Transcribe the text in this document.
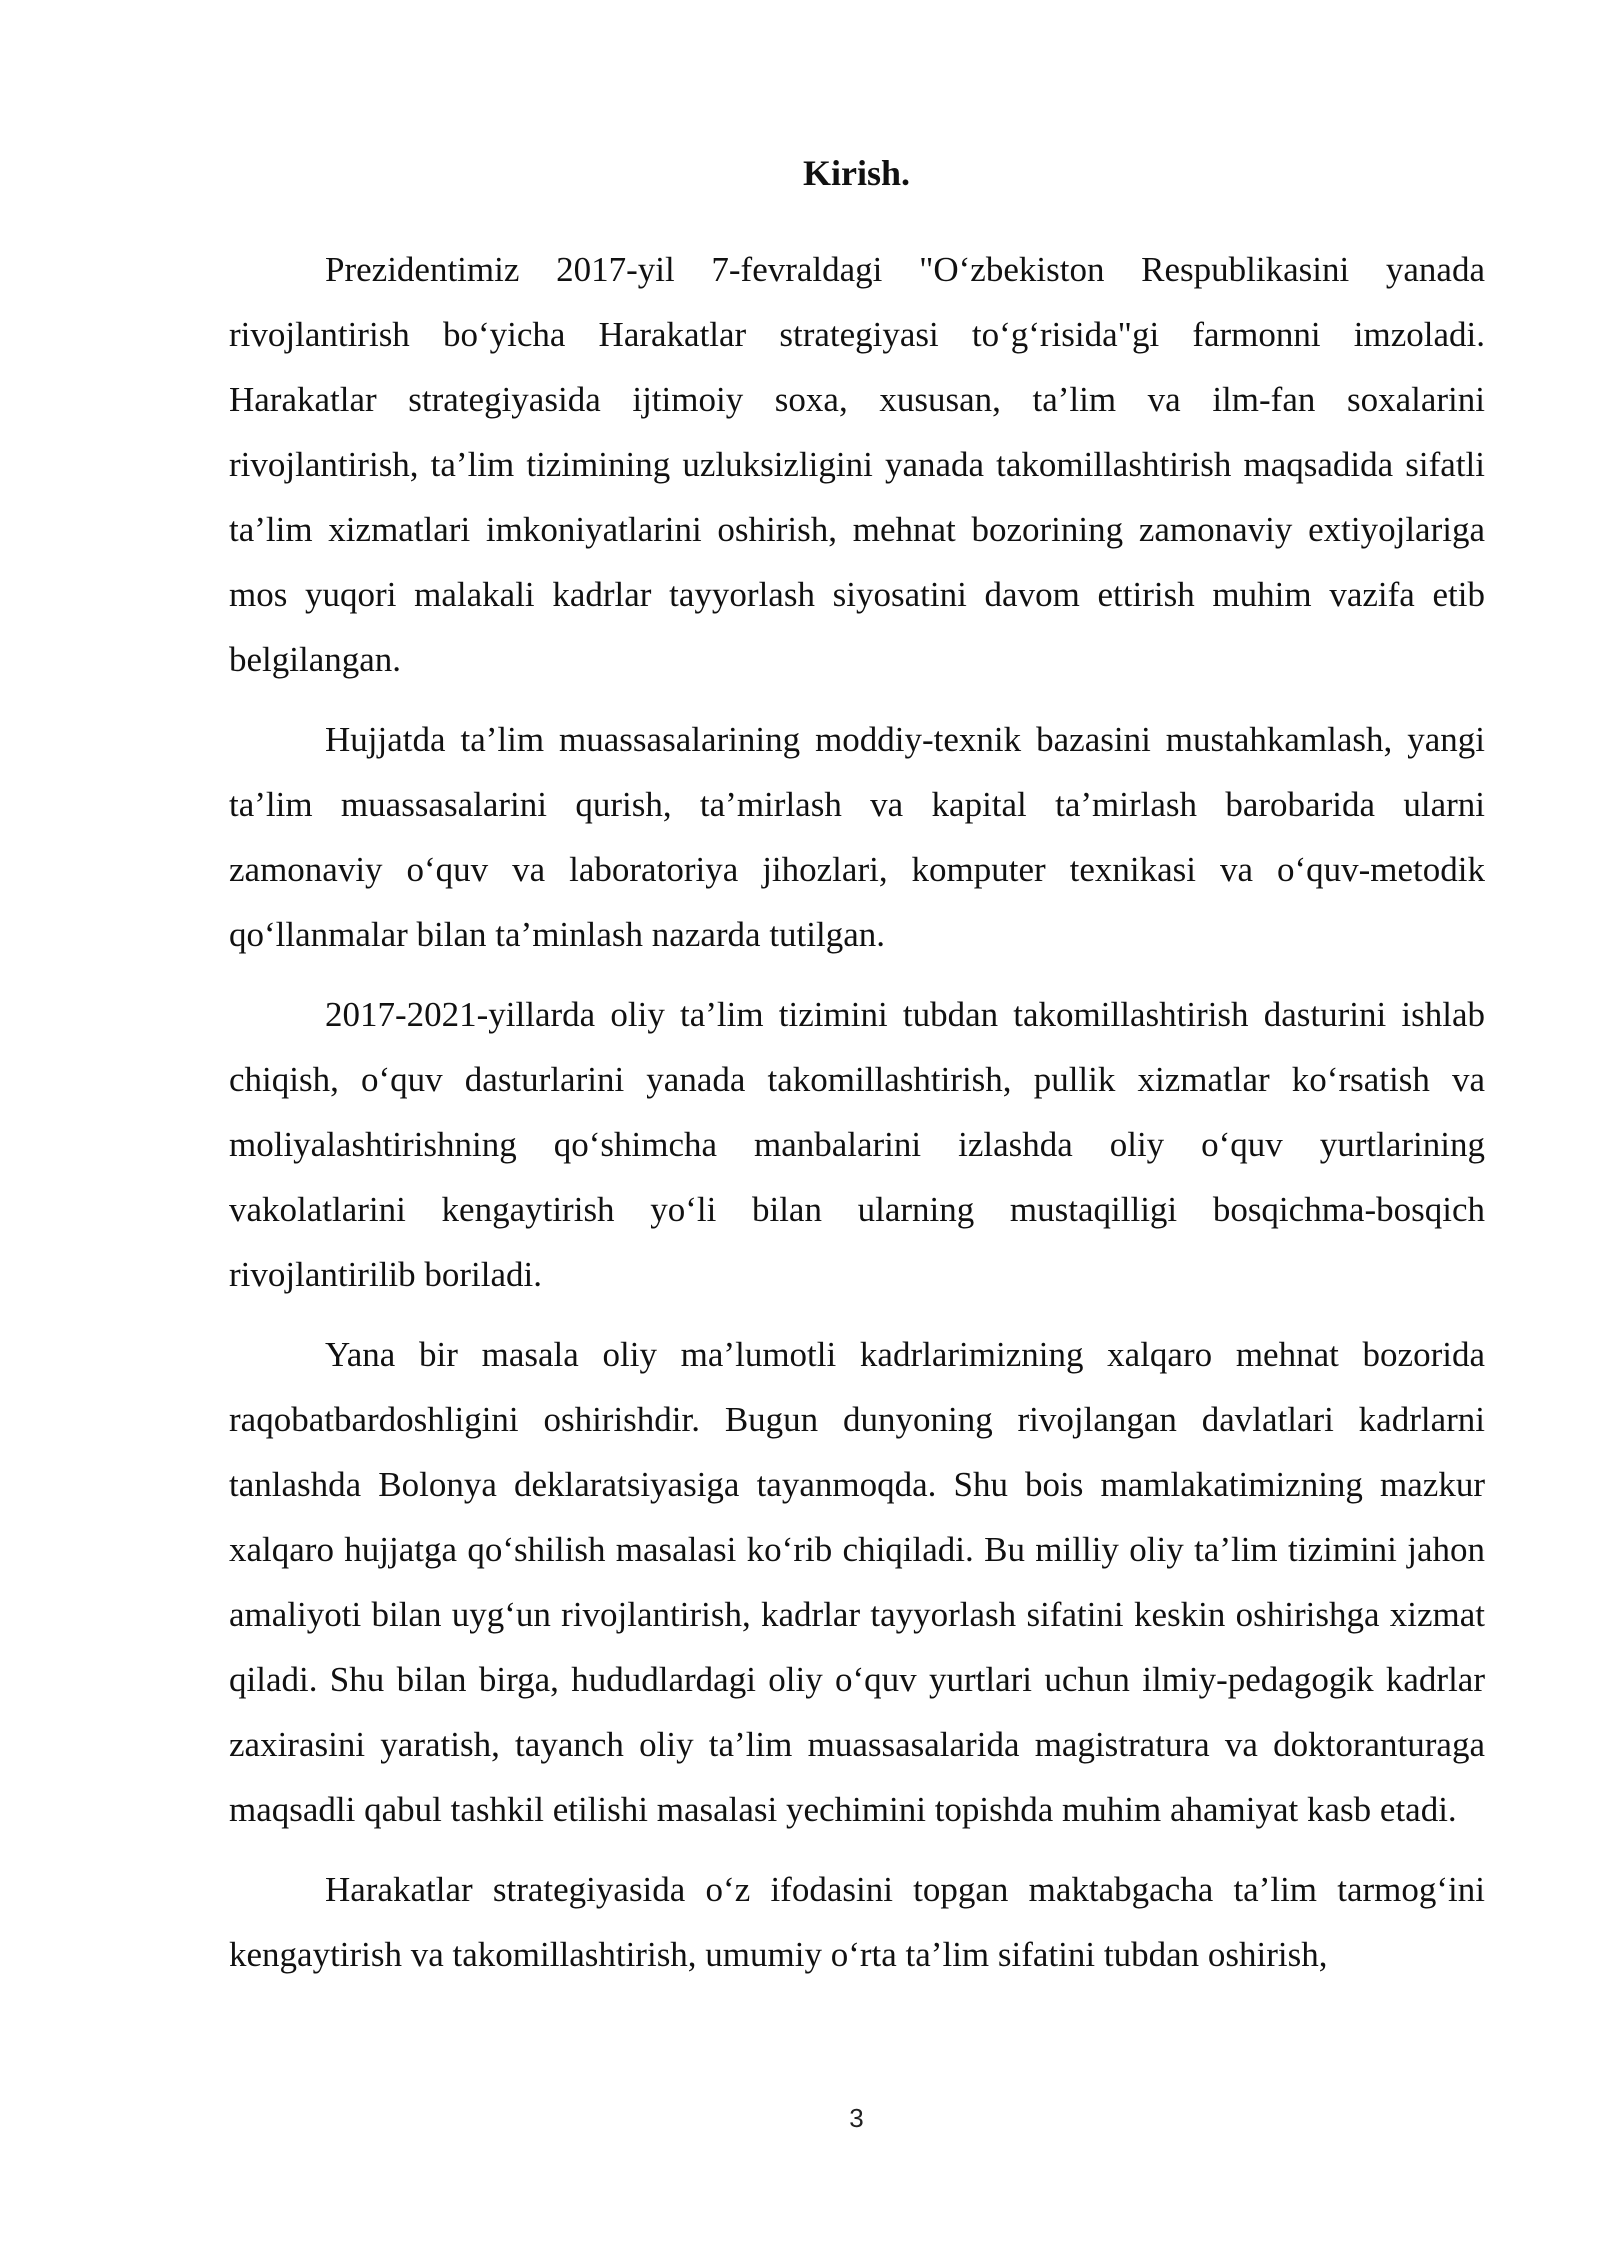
Kirish.

Prezidentimiz 2017-yil 7-fevraldagi "O‘zbekiston Respublikasini yanada rivojlantirish bo‘yicha Harakatlar strategiyasi to‘g‘risida"gi farmonni imzoladi. Harakatlar strategiyasida ijtimoiy soxa, xususan, ta’lim va ilm-fan soxalarini rivojlantirish, ta’lim tizimining uzluksizligini yanada takomillashtirish maqsadida sifatli ta’lim xizmatlari imkoniyatlarini oshirish, mehnat bozorining zamonaviy extiyojlariga mos yuqori malakali kadrlar tayyorlash siyosatini davom ettirish muhim vazifa etib belgilangan.

Hujjatda ta’lim muassasalarining moddiy-texnik bazasini mustahkamlash, yangi ta’lim muassasalarini qurish, ta’mirlash va kapital ta’mirlash barobarida ularni zamonaviy o‘quv va laboratoriya jihozlari, komputer texnikasi va o‘quv-metodik qo‘llanmalar bilan ta’minlash nazarda tutilgan.

2017-2021-yillarda oliy ta’lim tizimini tubdan takomillashtirish dasturini ishlab chiqish, o‘quv dasturlarini yanada takomillashtirish, pullik xizmatlar ko‘rsatish va moliyalashtirishning qo‘shimcha manbalarini izlashda oliy o‘quv yurtlarining vakolatlarini kengaytirish yo‘li bilan ularning mustaqilligi bosqichma-bosqich rivojlantirilib boriladi.

Yana bir masala oliy ma’lumotli kadrlarimizning xalqaro mehnat bozorida raqobatbardoshligini oshirishdir. Bugun dunyoning rivojlangan davlatlari kadrlarni tanlashda Bolonya deklaratsiyasiga tayanmoqda. Shu bois mamlakatimizning mazkur xalqaro hujjatga qo‘shilish masalasi ko‘rib chiqiladi. Bu milliy oliy ta’lim tizimini jahon amaliyoti bilan uyg‘un rivojlantirish, kadrlar tayyorlash sifatini keskin oshirishga xizmat qiladi. Shu bilan birga, hududlardagi oliy o‘quv yurtlari uchun ilmiy-pedagogik kadrlar zaxirasini yaratish, tayanch oliy ta’lim muassasalarida magistratura va doktoranturaga maqsadli qabul tashkil etilishi masalasi yechimini topishda muhim ahamiyat kasb etadi.

Harakatlar strategiyasida o‘z ifodasini topgan maktabgacha ta’lim tarmog‘ini kengaytirish va takomillashtirish, umumiy o‘rta ta’lim sifatini tubdan oshirish,

3
